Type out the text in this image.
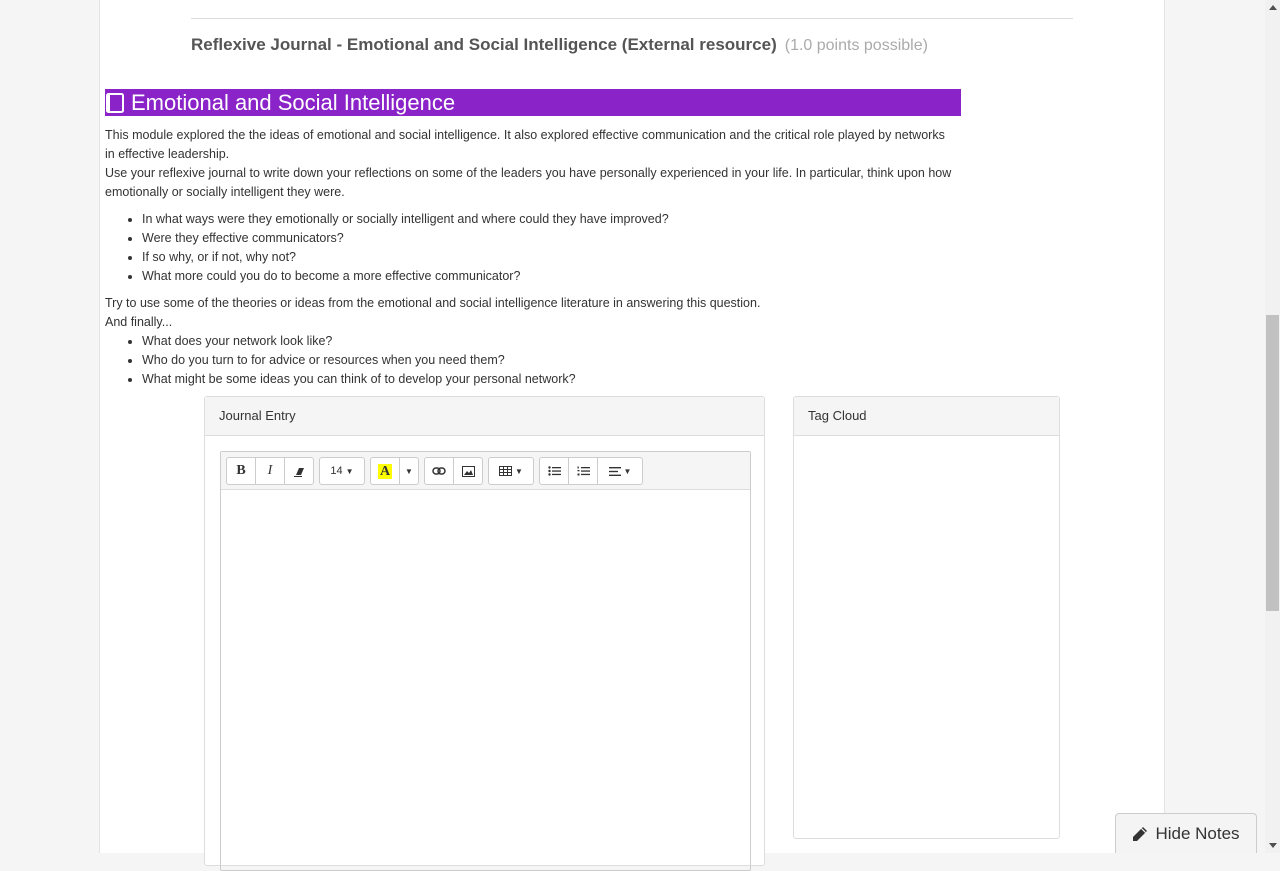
Reflexive Journal - Emotional and Social Intelligence (External resource) (1.0 points possible)
Emotional and Social Intelligence

This module explored the the ideas of emotional and social intelligence. It also explored effective communication and the critical role played by networks in effective leadership.

Use your reflexive journal to write down your reflections on some of the leaders you have personally experienced in your life. In particular, think upon how emotionally or socially intelligent they were.

• In what ways were they emotionally or socially intelligent and where could they have improved?
• Were they effective communicators?
• If so why, or if not, why not?
• What more could you do to become a more effective communicator?

Try to use some of the theories or ideas from the emotional and social intelligence literature in answering this question.

And finally...

• What does your network look like?
• Who do you turn to for advice or resources when you need them?
• What might be some ideas you can think of to develop your personal network?
Journal Entry
B	I	14 ▼ A ▼	▼	▼
Tag Cloud
Hide Notes
